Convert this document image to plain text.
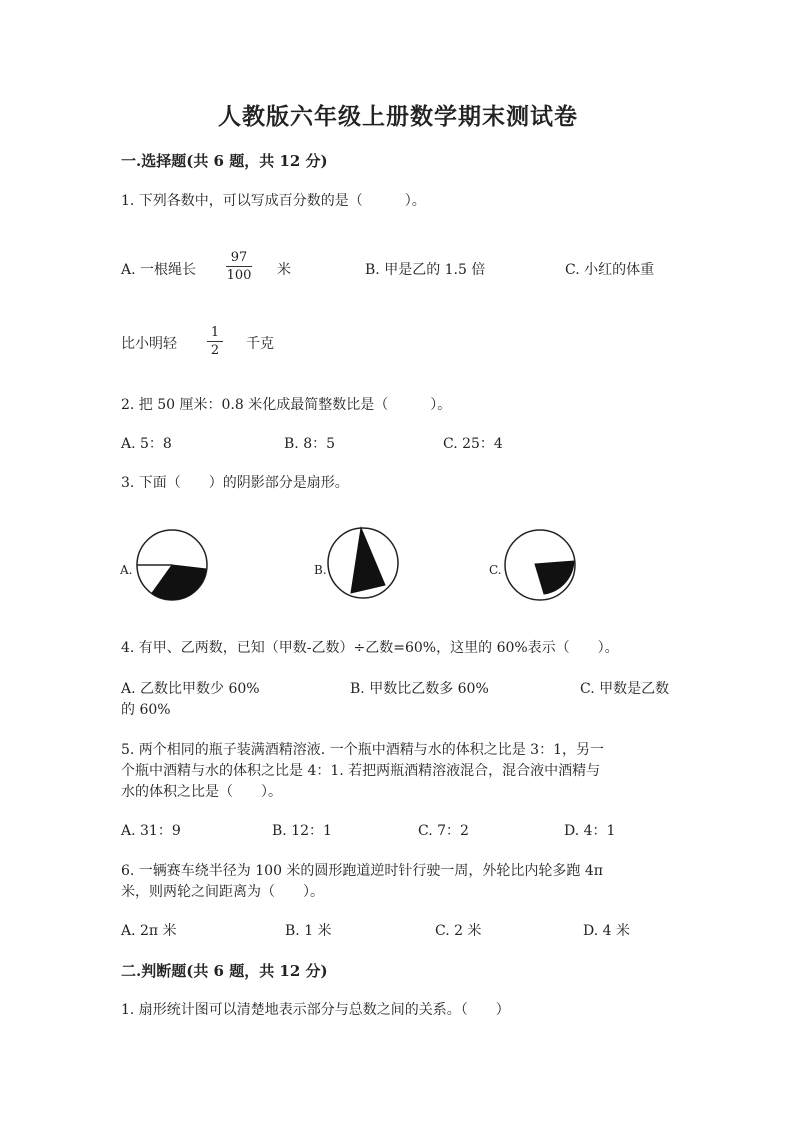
人教版六年级上册数学期末测试卷
一.选择题(共 6 题，共 12 分)
1. 下列各数中，可以写成百分数的是（　　　）。
A. 一根绳长
97
100 米	B. 甲是乙的 1.5 倍	C. 小红的体重
比小明轻
1
2 千克
2. 把 50 厘米：0.8 米化成最简整数比是（　　　）。
A. 5：8	B. 8：5	C. 25：4
3. 下面（　　）的阴影部分是扇形。
A.	B.	C.
4. 有甲、乙两数，已知（甲数-乙数）÷乙数=60%，这里的 60%表示（　　）。
A. 乙数比甲数少 60%	B. 甲数比乙数多 60%	C. 甲数是乙数
的 60%
5. 两个相同的瓶子装满酒精溶液. 一个瓶中酒精与水的体积之比是 3：1，另一
个瓶中酒精与水的体积之比是 4：1. 若把两瓶酒精溶液混合，混合液中酒精与
水的体积之比是（　　）。
A. 31：9	B. 12：1	C. 7：2	D. 4：1
6. 一辆赛车绕半径为 100 米的圆形跑道逆时针行驶一周，外轮比内轮多跑 4π
米，则两轮之间距离为（　　）。
A. 2π 米	B. 1 米	C. 2 米	D. 4 米
二.判断题(共 6 题，共 12 分)
1. 扇形统计图可以清楚地表示部分与总数之间的关系。（　　）
